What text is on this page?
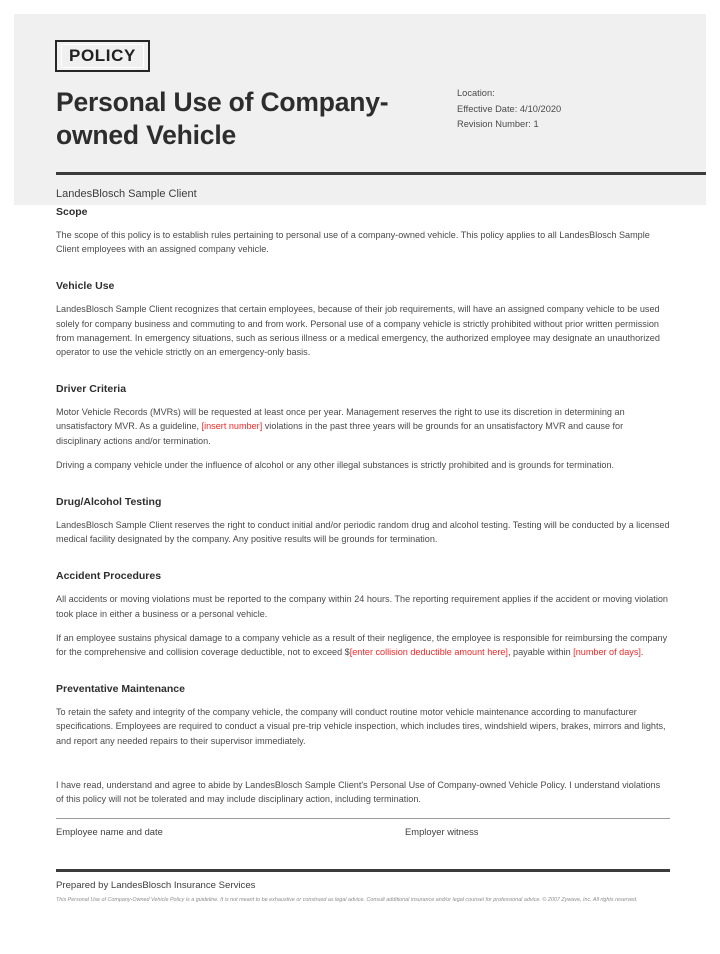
POLICY
Personal Use of Company-owned Vehicle
Location:
Effective Date: 4/10/2020
Revision Number: 1
LandesBlosch Sample Client
Scope

The scope of this policy is to establish rules pertaining to personal use of a company-owned vehicle. This policy applies to all LandesBlosch Sample Client employees with an assigned company vehicle.

Vehicle Use

LandesBlosch Sample Client recognizes that certain employees, because of their job requirements, will have an assigned company vehicle to be used solely for company business and commuting to and from work. Personal use of a company vehicle is strictly prohibited without prior written permission from management. In emergency situations, such as serious illness or a medical emergency, the authorized employee may designate an unauthorized operator to use the vehicle strictly on an emergency-only basis.

Driver Criteria

Motor Vehicle Records (MVRs) will be requested at least once per year. Management reserves the right to use its discretion in determining an unsatisfactory MVR. As a guideline, [insert number] violations in the past three years will be grounds for an unsatisfactory MVR and cause for disciplinary actions and/or termination.

Driving a company vehicle under the influence of alcohol or any other illegal substances is strictly prohibited and is grounds for termination.

Drug/Alcohol Testing

LandesBlosch Sample Client reserves the right to conduct initial and/or periodic random drug and alcohol testing. Testing will be conducted by a licensed medical facility designated by the company. Any positive results will be grounds for termination.

Accident Procedures

All accidents or moving violations must be reported to the company within 24 hours. The reporting requirement applies if the accident or moving violation took place in either a business or a personal vehicle.

If an employee sustains physical damage to a company vehicle as a result of their negligence, the employee is responsible for reimbursing the company for the comprehensive and collision coverage deductible, not to exceed $[enter collision deductible amount here], payable within [number of days].

Preventative Maintenance

To retain the safety and integrity of the company vehicle, the company will conduct routine motor vehicle maintenance according to manufacturer specifications. Employees are required to conduct a visual pre-trip vehicle inspection, which includes tires, windshield wipers, brakes, mirrors and lights, and report any needed repairs to their supervisor immediately.

I have read, understand and agree to abide by LandesBlosch Sample Client's Personal Use of Company-owned Vehicle Policy. I understand violations of this policy will not be tolerated and may include disciplinary action, including termination.

Employee name and date	Employer witness
Prepared by LandesBlosch Insurance Services
This Personal Use of Company-Owned Vehicle Policy is a guideline. It is not meant to be exhaustive or construed as legal advice. Consult additional insurance and/or legal counsel for professional advice. © 2007 Zywave, Inc. All rights reserved.
